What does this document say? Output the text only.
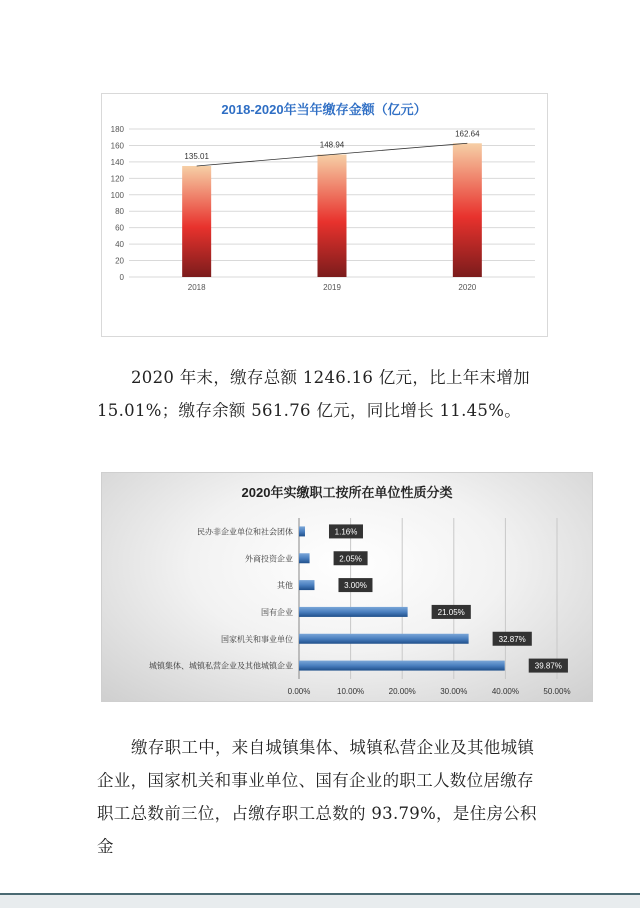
2018-2020年当年缴存金额（亿元）
0
20
40
60
80
100
120
140
160
180
135.01
2018
148.94
2019
162.64
2020

2020 年末，缴存总额 1246.16 亿元，比上年末增加

15.01%；缴存余额 561.76 亿元，同比增长 11.45%。

2020年实缴职工按所在单位性质分类
0.00%	10.00%	20.00%	30.00%	40.00%	50.00%
民办非企业单位和社会团体	1.16%
外商投资企业	2.05%
其他	3.00%
国有企业	21.05%
国家机关和事业单位	32.87%
城镇集体、城镇私营企业及其他城镇企业	39.87%

缴存职工中，来自城镇集体、城镇私营企业及其他城镇

企业，国家机关和事业单位、国有企业的职工人数位居缴存

职工总数前三位，占缴存职工总数的 93.79%，是住房公积金
